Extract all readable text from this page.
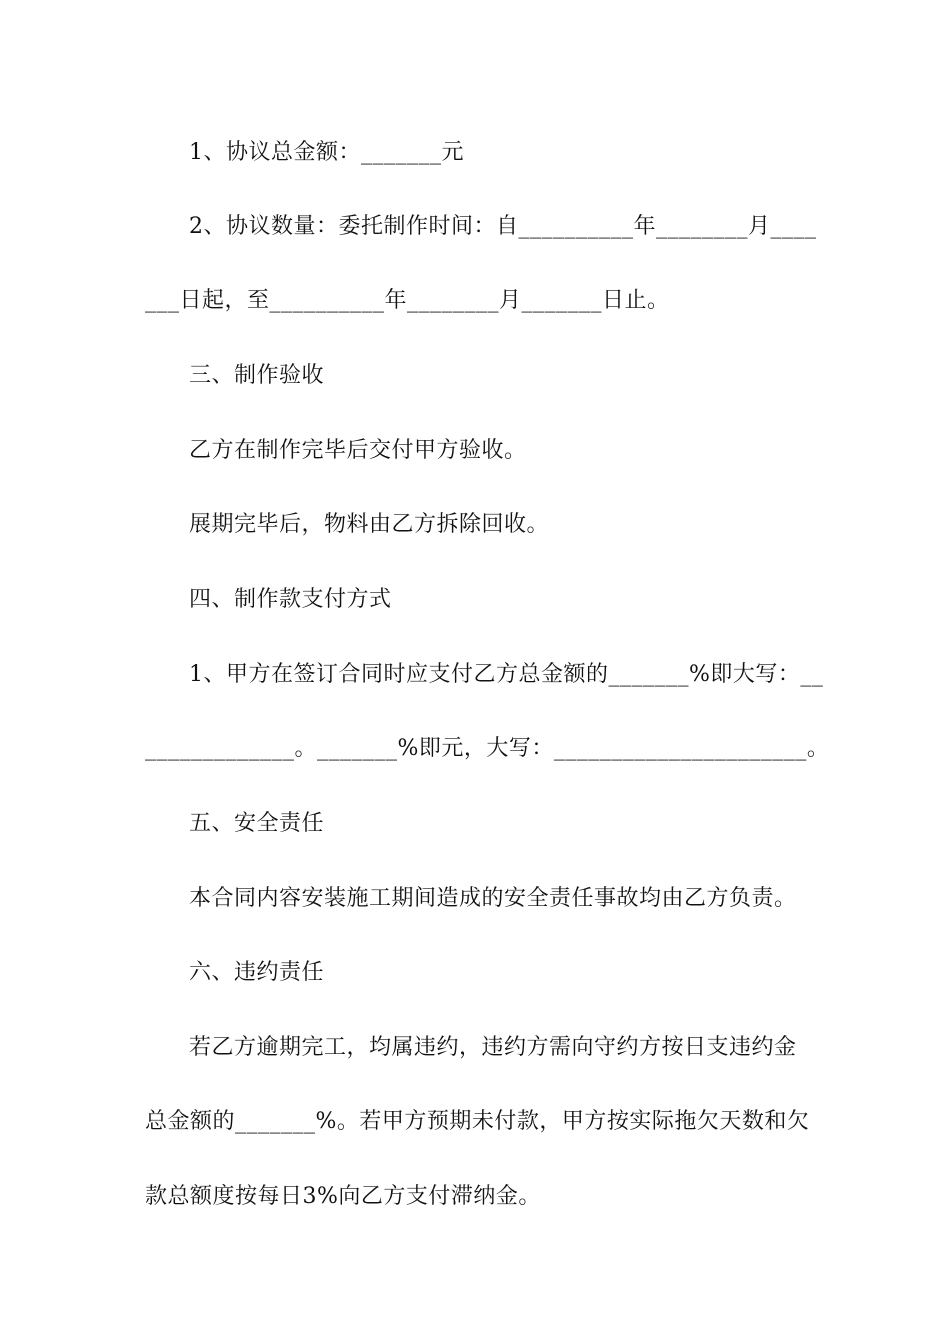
1、协议总金额：_______元
2、协议数量：委托制作时间：自__________年________月____
___日起，至__________年________月_______日止。
三、制作验收
乙方在制作完毕后交付甲方验收。
展期完毕后，物料由乙方拆除回收。
四、制作款支付方式
1、甲方在签订合同时应支付乙方总金额的_______%即大写：__
_____________。_______%即元，大写：______________________。
五、安全责任
本合同内容安装施工期间造成的安全责任事故均由乙方负责。
六、违约责任
若乙方逾期完工，均属违约，违约方需向守约方按日支违约金
总金额的_______%。若甲方预期未付款，甲方按实际拖欠天数和欠
款总额度按每日3%向乙方支付滞纳金。
